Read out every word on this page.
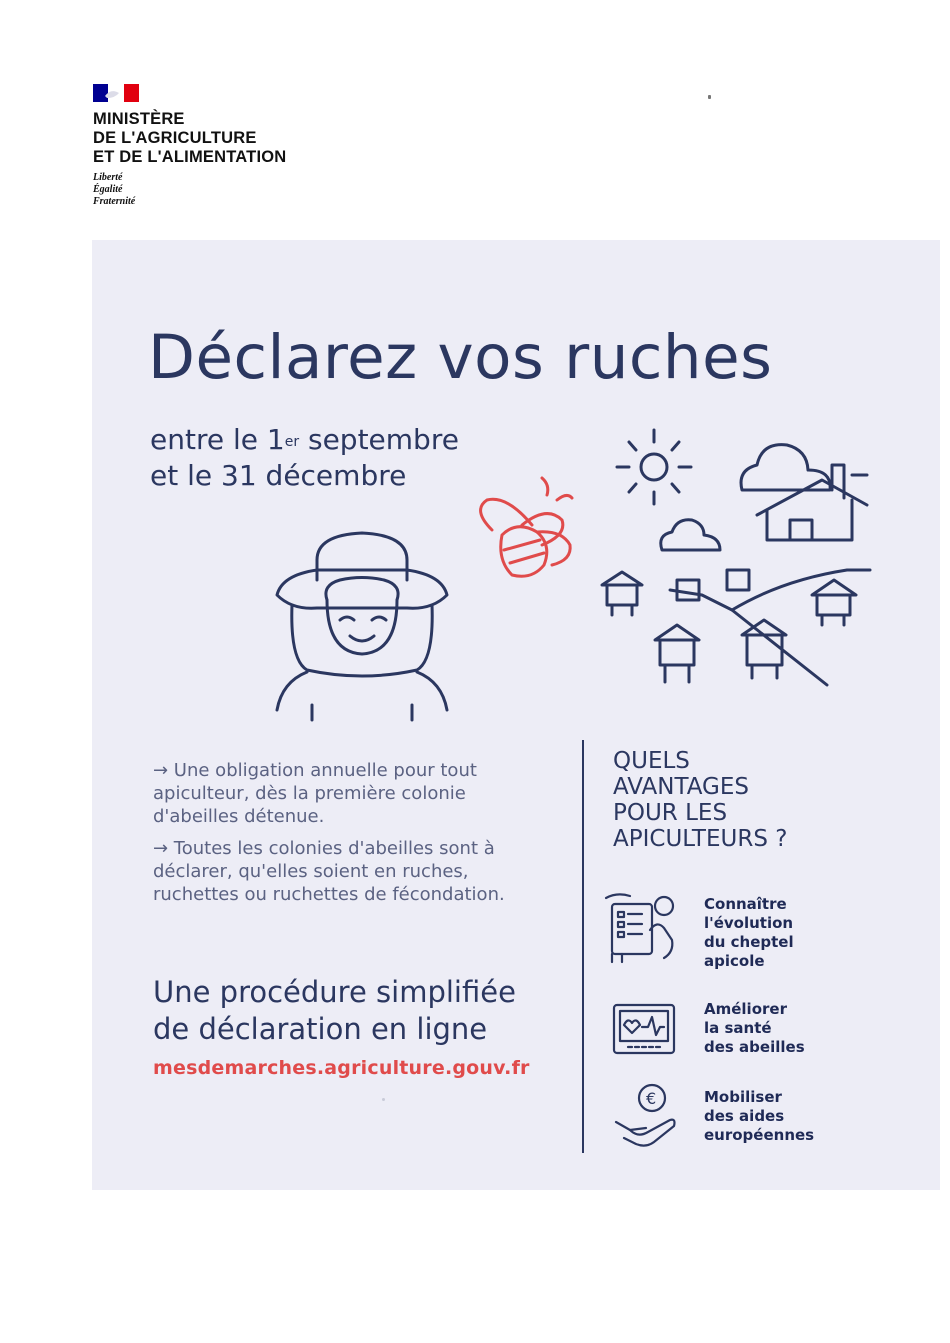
MINISTÈRE
DE L'AGRICULTURE
ET DE L'ALIMENTATION
Liberté
Égalité
Fraternité
Déclarez vos ruches
entre le 1er septembre
et le 31 décembre

→ Une obligation annuelle pour tout apiculteur, dès la première colonie d'abeilles détenue.

→ Toutes les colonies d'abeilles sont à déclarer, qu'elles soient en ruches, ruchettes ou ruchettes de fécondation.

Une procédure simplifiée
de déclaration en ligne
mesdemarches.agriculture.gouv.fr
QUELS
AVANTAGES
POUR LES
APICULTEURS ?
Connaître
l'évolution
du cheptel
apicole
Améliorer
la santé
des abeilles
€	Mobiliser
des aides
européennes
